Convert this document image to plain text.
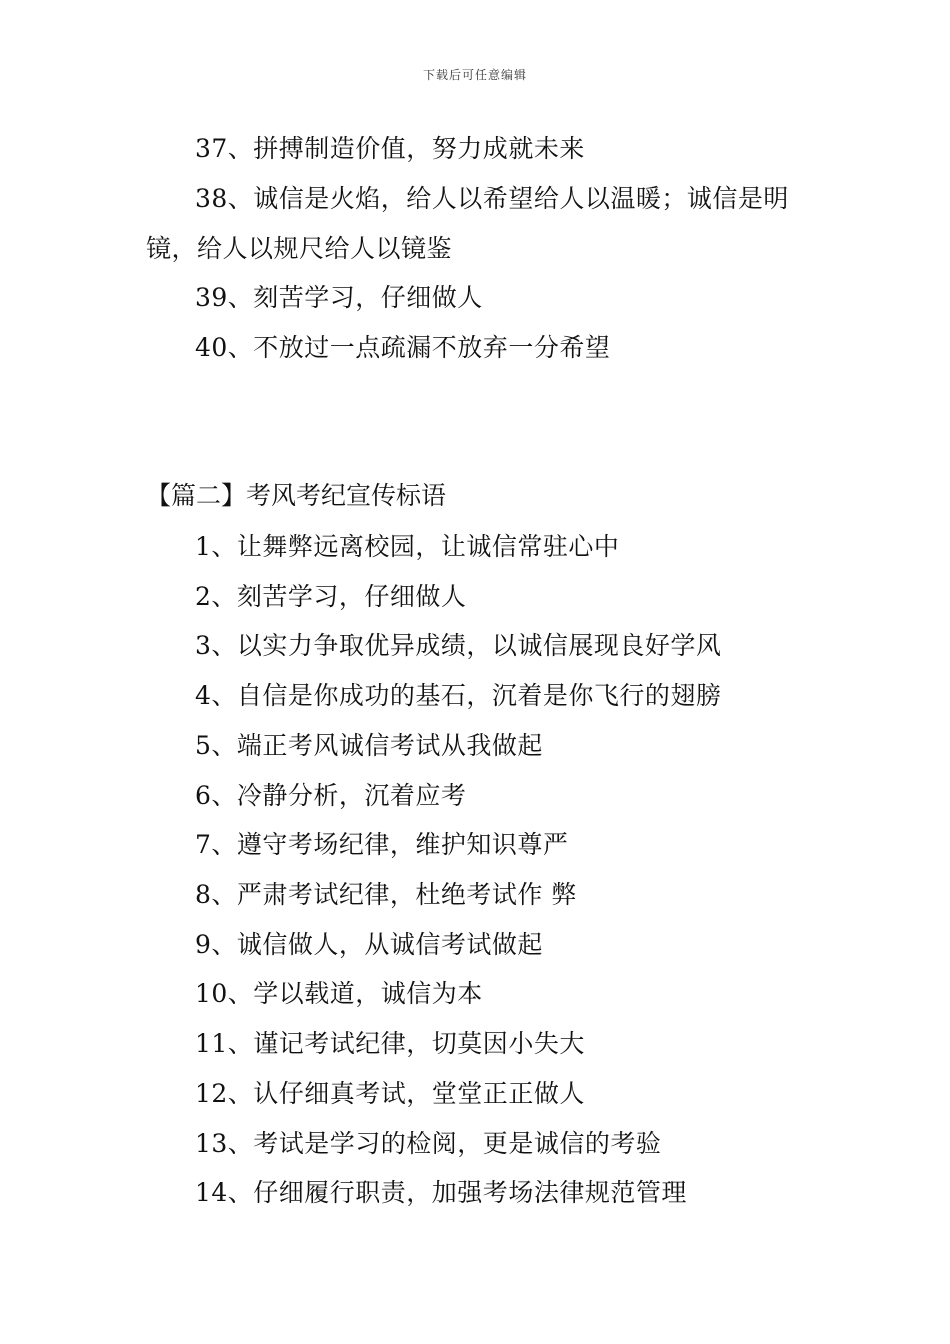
下载后可任意编辑
37、拼搏制造价值，努力成就未来
38、诚信是火焰，给人以希望给人以温暖；诚信是明
镜，给人以规尺给人以镜鉴
39、刻苦学习，仔细做人
40、不放过一点疏漏不放弃一分希望
【篇二】考风考纪宣传标语
1、让舞弊远离校园，让诚信常驻心中
2、刻苦学习，仔细做人
3、以实力争取优异成绩，以诚信展现良好学风
4、自信是你成功的基石，沉着是你飞行的翅膀
5、端正考风诚信考试从我做起
6、冷静分析，沉着应考
7、遵守考场纪律，维护知识尊严
8、严肃考试纪律，杜绝考试作 弊
9、诚信做人，从诚信考试做起
10、学以载道，诚信为本
11、谨记考试纪律，切莫因小失大
12、认仔细真考试，堂堂正正做人
13、考试是学习的检阅，更是诚信的考验
14、仔细履行职责，加强考场法律规范管理
